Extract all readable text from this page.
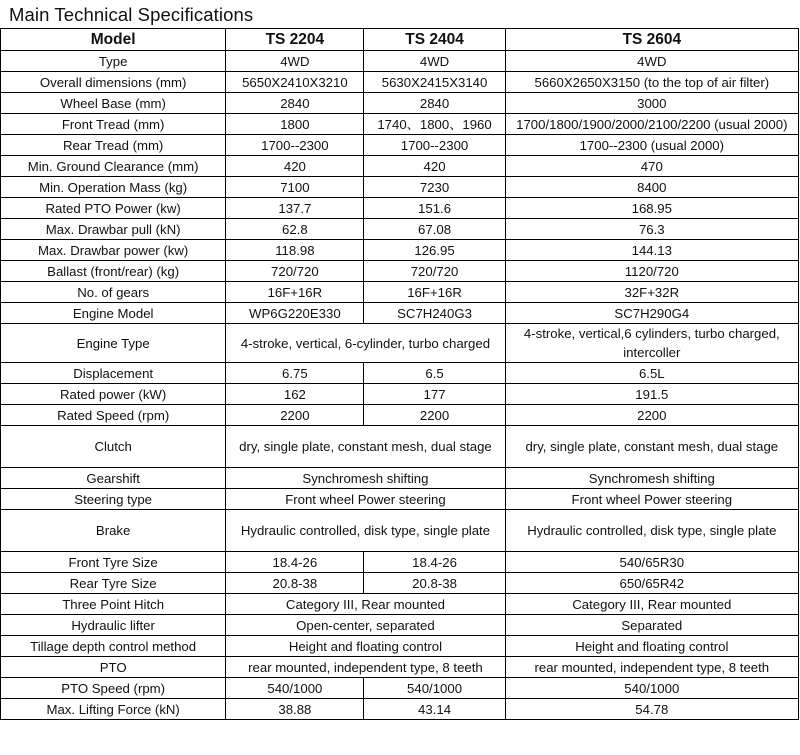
Main Technical Specifications
Model	TS 2204	TS 2404	TS 2604
Type	4WD	4WD	4WD
Overall dimensions (mm)	5650X2410X3210	5630X2415X3140	5660X2650X3150 (to the top of air filter)
Wheel Base (mm)	2840	2840	3000
Front Tread (mm)	1800	1740、1800、1960	1700/1800/1900/2000/2100/2200 (usual 2000)
Rear Tread (mm)	1700--2300	1700--2300	1700--2300 (usual 2000)
Min. Ground Clearance (mm)	420	420	470
Min. Operation Mass (kg)	7100	7230	8400
Rated PTO Power (kw)	137.7	151.6	168.95
Max. Drawbar pull (kN)	62.8	67.08	76.3
Max. Drawbar power (kw)	118.98	126.95	144.13
Ballast (front/rear) (kg)	720/720	720/720	1120/720
No. of gears	16F+16R	16F+16R	32F+32R
Engine Model	WP6G220E330	SC7H240G3	SC7H290G4
Engine Type	4-stroke, vertical, 6-cylinder, turbo charged		4-stroke, vertical,6 cylinders, turbo charged, intercoller
Displacement	6.75	6.5	6.5L
Rated power (kW)	162	177	191.5
Rated Speed (rpm)	2200	2200	2200
Clutch	dry, single plate, constant mesh, dual stage		dry, single plate, constant mesh, dual stage
Gearshift	Synchromesh shifting		Synchromesh shifting
Steering type	Front wheel Power steering		Front wheel Power steering
Brake	Hydraulic controlled, disk type, single plate		Hydraulic controlled, disk type, single plate
Front Tyre Size	18.4-26	18.4-26	540/65R30
Rear Tyre Size	20.8-38	20.8-38	650/65R42
Three Point Hitch	Category III, Rear mounted		Category III, Rear mounted
Hydraulic lifter	Open-center, separated		Separated
Tillage depth control method	Height and floating control		Height and floating control
PTO	rear mounted, independent type, 8 teeth		rear mounted, independent type, 8 teeth
PTO Speed (rpm)	540/1000	540/1000	540/1000
Max. Lifting Force (kN)	38.88	43.14	54.78
